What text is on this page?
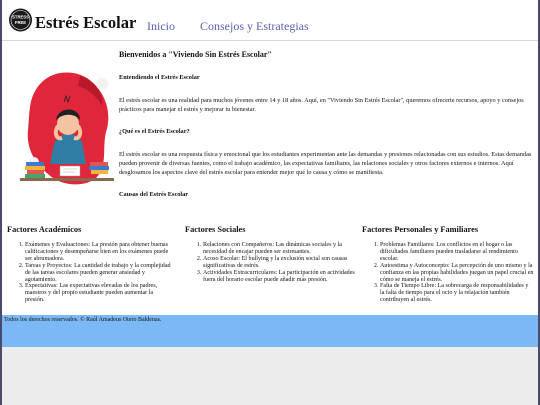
STRESS
FREE Estrés Escolar Inicio Consejos y Estrategias
Bienvenidos a "Viviendo Sin Estrés Escolar"
Entendiendo el Estrés Escolar

El estrés escolar es una realidad para muchos jóvenes entre 14 y 18 años. Aquí, en "Viviendo Sin Estrés Escolar", queremos ofrecerte recursos, apoyo y consejos prácticos para manejar el estrés y mejorar tu bienestar.

¿Qué es el Estrés Escolar?

El estrés escolar es una respuesta física y emocional que los estudiantes experimentan ante las demandas y presiones relacionadas con sus estudios. Estas demandas pueden provenir de diversas fuentes, como el trabajo académico, las expectativas familiares, las relaciones sociales y otros factores externos e internos. Aquí desglosamos los aspectos clave del estrés escolar para entender mejor qué lo causa y cómo se manifiesta.

Causas del Estrés Escolar
Factores Académicos
1. Exámenes y Evaluaciones: La presión para obtener buenas calificaciones y desempeñarse bien en los exámenes puede ser abrumadora.
2. Tareas y Proyectos: La cantidad de trabajo y la complejidad de las tareas escolares pueden generar ansiedad y agotamiento.
3. Expectativas: Las expectativas elevadas de los padres, maestros y del propio estudiante pueden aumentar la presión.
Factores Sociales
1. Relaciones con Compañeros: Las dinámicas sociales y la necesidad de encajar pueden ser estresantes.
2. Acoso Escolar: El bullying y la exclusión social son causas significativas de estrés.
3. Actividades Extracurriculares: La participación en actividades fuera del horario escolar puede añadir más presión.
Factores Personales y Familiares
1. Problemas Familiares: Los conflictos en el hogar o las dificultades familiares pueden trasladarse al rendimiento escolar.
2. Autoestima y Autoconcepto: La percepción de uno mismo y la confianza en las propias habilidades juegan un papel crucial en cómo se maneja el estrés.
3. Falta de Tiempo Libre: La sobrecarga de responsabilidades y la falta de tiempo para el ocio y la relajación también contribuyen al estrés.
Todos los derechos reservados. © Raúl Amadeus Otero Baldenas.
